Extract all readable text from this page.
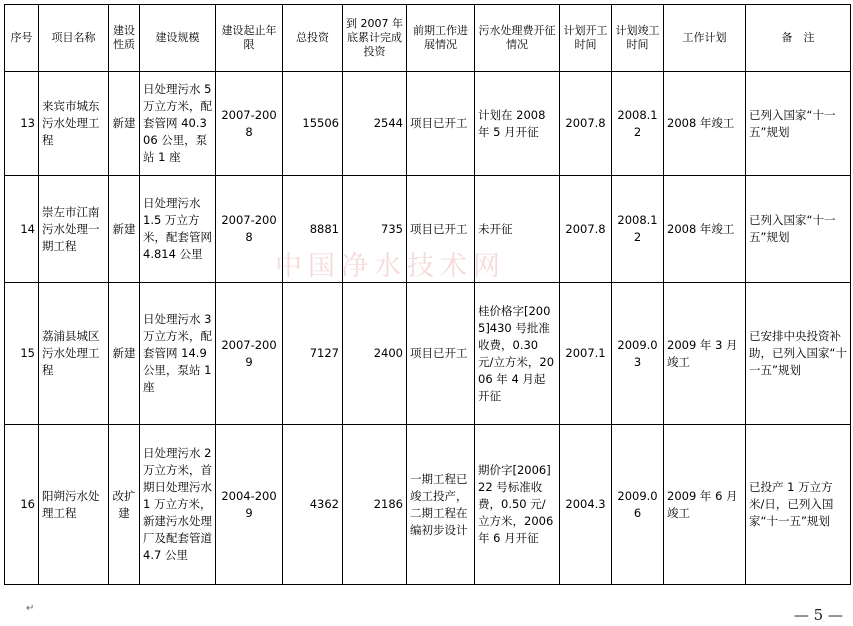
序号	项目名称	建设性质	建设规模	建设起止年限	总投资	到 2007 年底累计完成投资	前期工作进展情况	污水处理费开征情况	计划开工时间	计划竣工时间	工作计划	备　注
13	来宾市城东污水处理工程	新建	日处理污水 5 万立方米，配套管网 40.306 公里，泵站 1 座	2007-2008	15506	2544	项目已开工	计划在 2008 年 5 月开征	2007.8	2008.12	2008 年竣工	已列入国家“十一五”规划
14	崇左市江南污水处理一期工程	新建	日处理污水 1.5 万立方米，配套管网 4.814 公里	2007-2008	8881	735	项目已开工	未开征	2007.8	2008.12	2008 年竣工	已列入国家“十一五”规划
15	荔浦县城区污水处理工程	新建	日处理污水 3 万立方米，配套管网 14.9 公里，泵站 1 座	2007-2009	7127	2400	项目已开工	桂价格字[2005]430 号批准收费，0.30 元/立方米，2006 年 4 月起开征	2007.1	2009.03	2009 年 3 月竣工	已安排中央投资补助，已列入国家“十一五”规划
16	阳朔污水处理工程	改扩建	日处理污水 2 万立方米，首期日处理污水 1 万立方米，新建污水处理厂及配套管道 4.7 公里	2004-2009	4362	2186	一期工程已竣工投产，二期工程在编初步设计	期价字[2006]22 号标准收费，0.50 元/立方米，2006 年 6 月开征	2004.3	2009.06	2009 年 6 月竣工	已投产 1 万立方米/日，已列入国家“十一五”规划
中国净水技术网
↵	— 5 —
